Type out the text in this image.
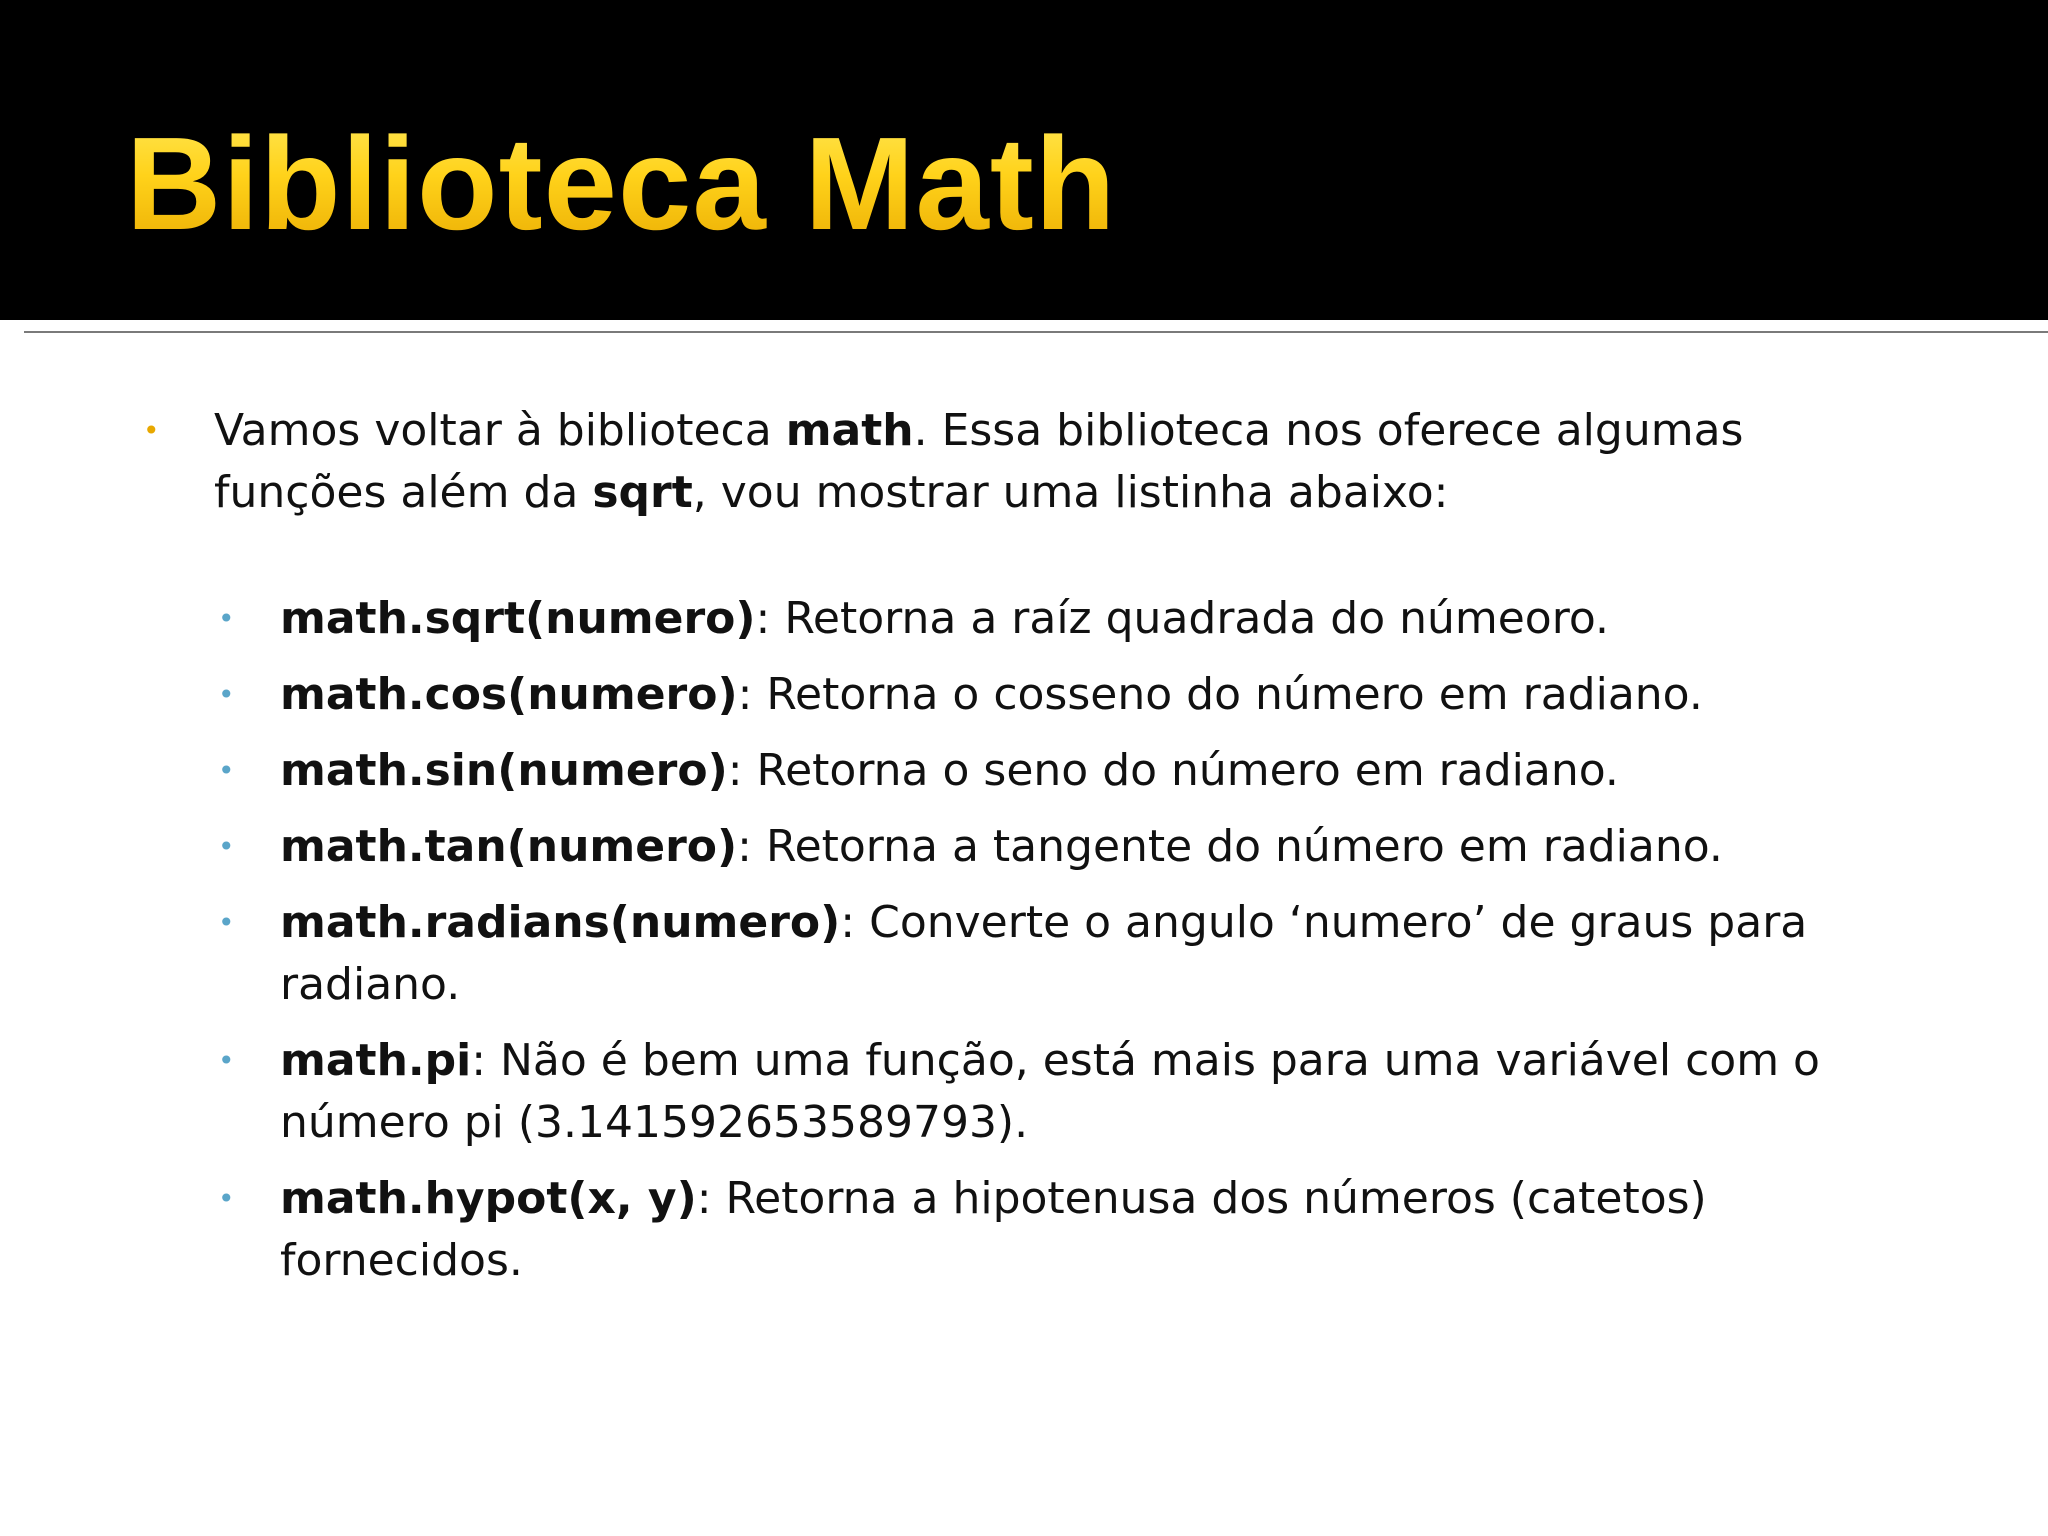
Biblioteca Math

• Vamos voltar à biblioteca math. Essa biblioteca nos oferece algumas funções além da sqrt, vou mostrar uma listinha abaixo:

• math.sqrt(numero): Retorna a raíz quadrada do númeoro.
• math.cos(numero): Retorna o cosseno do número em radiano.
• math.sin(numero): Retorna o seno do número em radiano.
• math.tan(numero): Retorna a tangente do número em radiano.
• math.radians(numero): Converte o angulo ‘numero’ de graus para radiano.
• math.pi: Não é bem uma função, está mais para uma variável com o número pi (3.141592653589793).
• math.hypot(x, y): Retorna a hipotenusa dos números (catetos) fornecidos.
